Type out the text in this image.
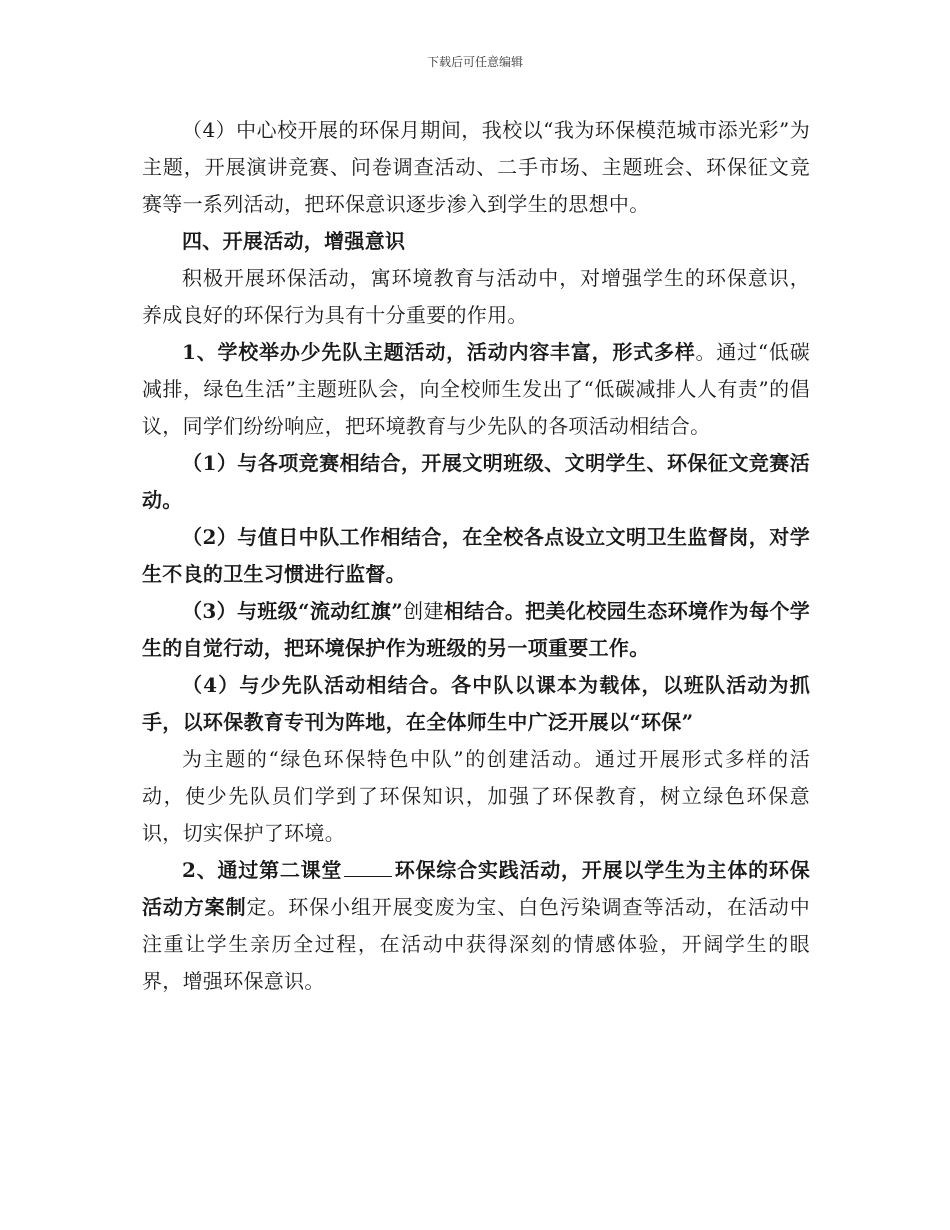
下载后可任意编辑

（4）中心校开展的环保月期间，我校以“我为环保模范城市添光彩”为主题，开展演讲竞赛、问卷调查活动、二手市场、主题班会、环保征文竞赛等一系列活动，把环保意识逐步渗入到学生的思想中。

四、开展活动，增强意识

积极开展环保活动，寓环境教育与活动中，对增强学生的环保意识，养成良好的环保行为具有十分重要的作用。

1、学校举办少先队主题活动，活动内容丰富，形式多样。通过“低碳减排，绿色生活”主题班队会，向全校师生发出了“低碳减排人人有责”的倡议，同学们纷纷响应，把环境教育与少先队的各项活动相结合。

（1）与各项竞赛相结合，开展文明班级、文明学生、环保征文竞赛活动。

（2）与值日中队工作相结合，在全校各点设立文明卫生监督岗，对学生不良的卫生习惯进行监督。

（3）与班级“流动红旗”创建相结合。把美化校园生态环境作为每个学生的自觉行动，把环境保护作为班级的另一项重要工作。

（4）与少先队活动相结合。各中队以课本为载体，以班队活动为抓手，以环保教育专刊为阵地，在全体师生中广泛开展以“环保”

为主题的“绿色环保特色中队”的创建活动。通过开展形式多样的活动，使少先队员们学到了环保知识，加强了环保教育，树立绿色环保意识，切实保护了环境。

2、通过第二课堂	环保综合实践活动，开展以学生为主体的环保活动方案制定。环保小组开展变废为宝、白色污染调查等活动，在活动中注重让学生亲历全过程，在活动中获得深刻的情感体验，开阔学生的眼界，增强环保意识。
